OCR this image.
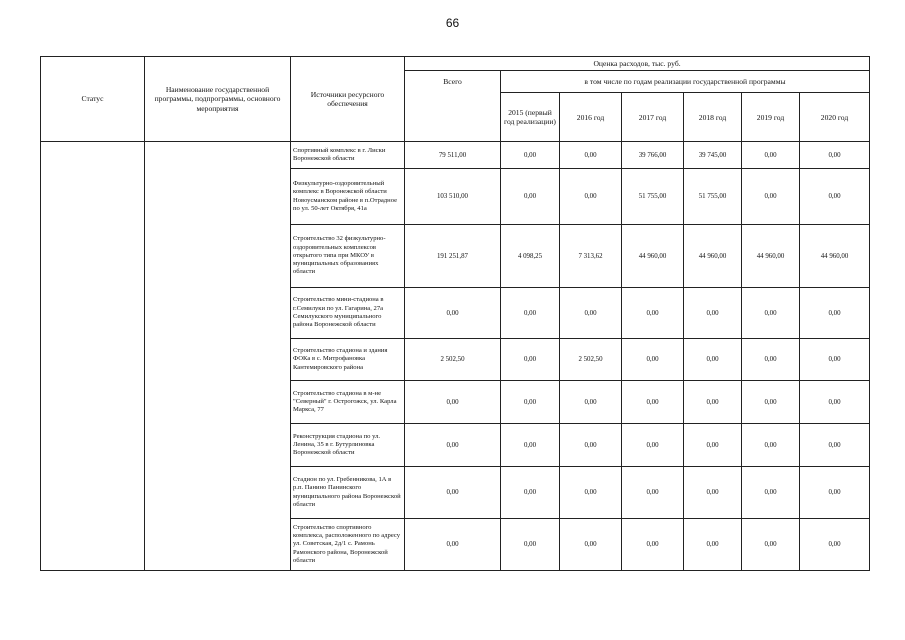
66
Статус	Наименование государственной программы, подпрограммы, основного мероприятия	Источники ресурсного обеспечения	Оценка расходов, тыс. руб.						
			Всего	в том числе по годам реализации государственной программы					
				2015 (первый год реализации)	2016 год	2017 год	2018 год	2019 год	2020 год
		Спортивный комплекс в г. Лиски Воронежской области	79 511,00	0,00	0,00	39 766,00	39 745,00	0,00	0,00
		Физкультурно-оздоровительный комплекс в Воронежской области Новоусманском районе в п.Отрадное по ул. 50-лет Октября, 41а	103 510,00	0,00	0,00	51 755,00	51 755,00	0,00	0,00
		Строительство 32 физкультурно-оздоровительных комплексов открытого типа при МКОУ в муниципальных образованиях области	191 251,87	4 098,25	7 313,62	44 960,00	44 960,00	44 960,00	44 960,00
		Строительство мини-стадиона в г.Семилуки по ул. Гагарина, 27а Семилукского муниципального района Воронежской области	0,00	0,00	0,00	0,00	0,00	0,00	0,00
		Строительство стадиона и здания ФОКа в с. Митрофановка Кантемировского района	2 502,50	0,00	2 502,50	0,00	0,00	0,00	0,00
		Строительство стадиона в м-не "Северный" г. Острогожск, ул. Карла Маркса, 77	0,00	0,00	0,00	0,00	0,00	0,00	0,00
		Реконструкция стадиона по ул. Ленина, 35 в г. Бутурлиновка Воронежской области	0,00	0,00	0,00	0,00	0,00	0,00	0,00
		Стадион по ул. Гребенникова, 1А в р.п. Панино Панинского муниципального района Воронежской области	0,00	0,00	0,00	0,00	0,00	0,00	0,00
		Строительство спортивного комплекса, расположенного по адресу ул. Советская, 2д/1 с. Рамонь Рамонского района, Воронежской области	0,00	0,00	0,00	0,00	0,00	0,00	0,00
